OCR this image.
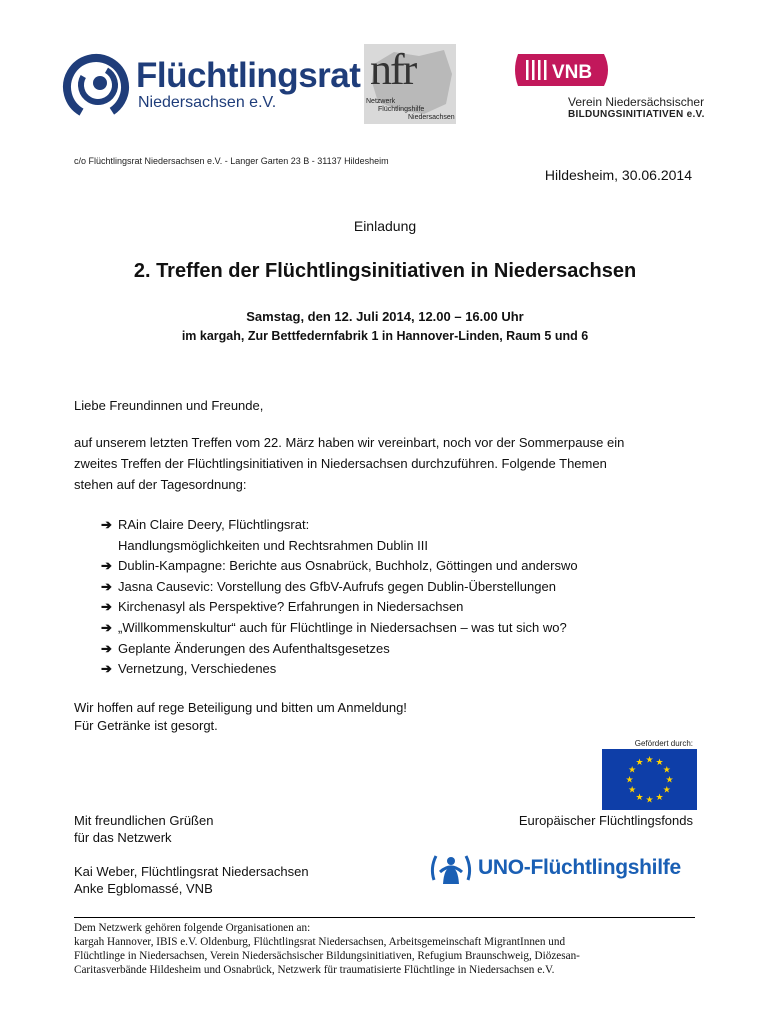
Flüchtlingsrat
Niedersachsen e.V.
nfr
Netzwerk
Flüchtlingshilfe
Niedersachsen
VNB
Verein Niedersächsischer
BILDUNGSINITIATIVEN e.V.
c/o Flüchtlingsrat Niedersachsen e.V. - Langer Garten 23 B - 31137 Hildesheim
Hildesheim, 30.06.2014
Einladung
2. Treffen der Flüchtlingsinitiativen in Niedersachsen
Samstag, den 12. Juli 2014, 12.00 – 16.00 Uhr
im kargah, Zur Bettfedernfabrik 1 in Hannover-Linden, Raum 5 und 6
Liebe Freundinnen und Freunde,
auf unserem letzten Treffen vom 22. März haben wir vereinbart, noch vor der Sommerpause ein
zweites Treffen der Flüchtlingsinitiativen in Niedersachsen durchzuführen. Folgende Themen
stehen auf der Tagesordnung:
➔ RAin Claire Deery, Flüchtlingsrat:
Handlungsmöglichkeiten und Rechtsrahmen Dublin III
➔ Dublin-Kampagne: Berichte aus Osnabrück, Buchholz, Göttingen und anderswo
➔ Jasna Causevic: Vorstellung des GfbV-Aufrufs gegen Dublin-Überstellungen
➔ Kirchenasyl als Perspektive? Erfahrungen in Niedersachsen
➔ „Willkommenskultur“ auch für Flüchtlinge in Niedersachsen – was tut sich wo?
➔ Geplante Änderungen des Aufenthaltsgesetzes
➔ Vernetzung, Verschiedenes
Wir hoffen auf rege Beteiligung und bitten um Anmeldung!
Für Getränke ist gesorgt.
Gefördert durch:
★
★
★
★
★
★
★
★
★ ★ ★
★
Europäischer Flüchtlingsfonds
Mit freundlichen Grüßen
für das Netzwerk
Kai Weber, Flüchtlingsrat Niedersachsen
Anke Egblomassé, VNB
UNO-Flüchtlingshilfe
Dem Netzwerk gehören folgende Organisationen an:
kargah Hannover, IBIS e.V. Oldenburg, Flüchtlingsrat Niedersachsen, Arbeitsgemeinschaft MigrantInnen und
Flüchtlinge in Niedersachsen, Verein Niedersächsischer Bildungsinitiativen, Refugium Braunschweig, Diözesan-
Caritasverbände Hildesheim und Osnabrück, Netzwerk für traumatisierte Flüchtlinge in Niedersachsen e.V.
